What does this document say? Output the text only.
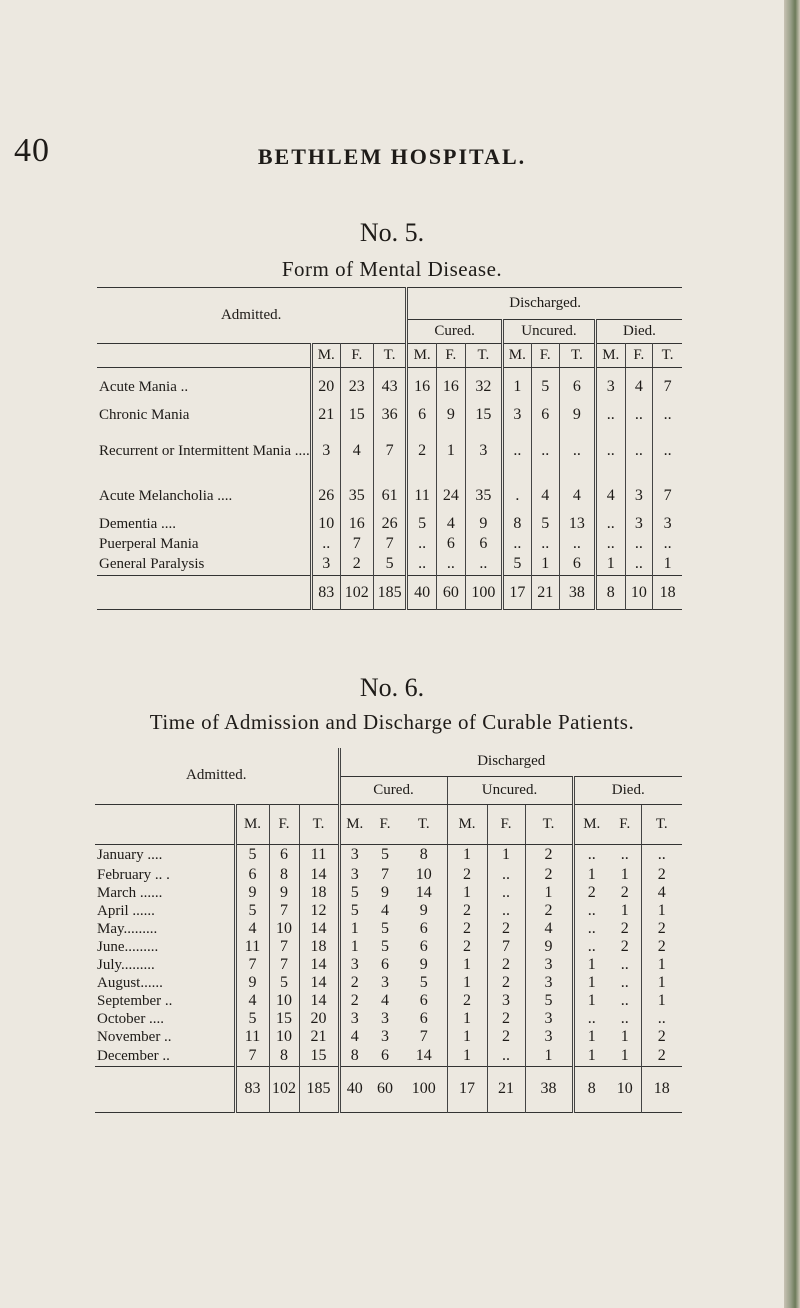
40	BETHLEM HOSPITAL.
No. 5.
Form of Mental Disease.
Admitted.				Discharged.								
				Cured.			Uncured.			Died.		
	M.	F.	T.	M.	F.	T.	M.	F.	T.	M.	F.	T.
Acute Mania ..	20	23	43	16	16	32	1	5	6	3	4	7
Chronic Mania	21	15	36	6	9	15	3	6	9	..	..	..
Recurrent or Intermittent Mania ....	3	4	7	2	1	3	..	..	..	..	..	..
Acute Melancholia ....	26	35	61	11	24	35	.	4	4	4	3	7
Dementia ....	10	16	26	5	4	9	8	5	13	..	3	3
Puerperal Mania	..	7	7	..	6	6	..	..	..	..	..	..
General Paralysis	3	2	5	..	..	..	5	1	6	1	..	1
	83	102	185	40	60	100	17	21	38	8	10	18
No. 6.
Time of Admission and Discharge of Curable Patients.
Admitted.				Discharged								
				Cured.			Uncured.			Died.		
	M.	F.	T.	M.	F.	T.	M.	F.	T.	M.	F.	T.
January ....	5	6	11	3	5	8	1	1	2	..	..	..
February .. .	6	8	14	3	7	10	2	..	2	1	1	2
March ......	9	9	18	5	9	14	1	..	1	2	2	4
April ......	5	7	12	5	4	9	2	..	2	..	1	1
May.........	4	10	14	1	5	6	2	2	4	..	2	2
June.........	11	7	18	1	5	6	2	7	9	..	2	2
July.........	7	7	14	3	6	9	1	2	3	1	..	1
August......	9	5	14	2	3	5	1	2	3	1	..	1
September ..	4	10	14	2	4	6	2	3	5	1	..	1
October ....	5	15	20	3	3	6	1	2	3	..	..	..
November ..	11	10	21	4	3	7	1	2	3	1	1	2
December ..	7	8	15	8	6	14	1	..	1	1	1	2
	83	102	185	40	60	100	17	21	38	8	10	18
